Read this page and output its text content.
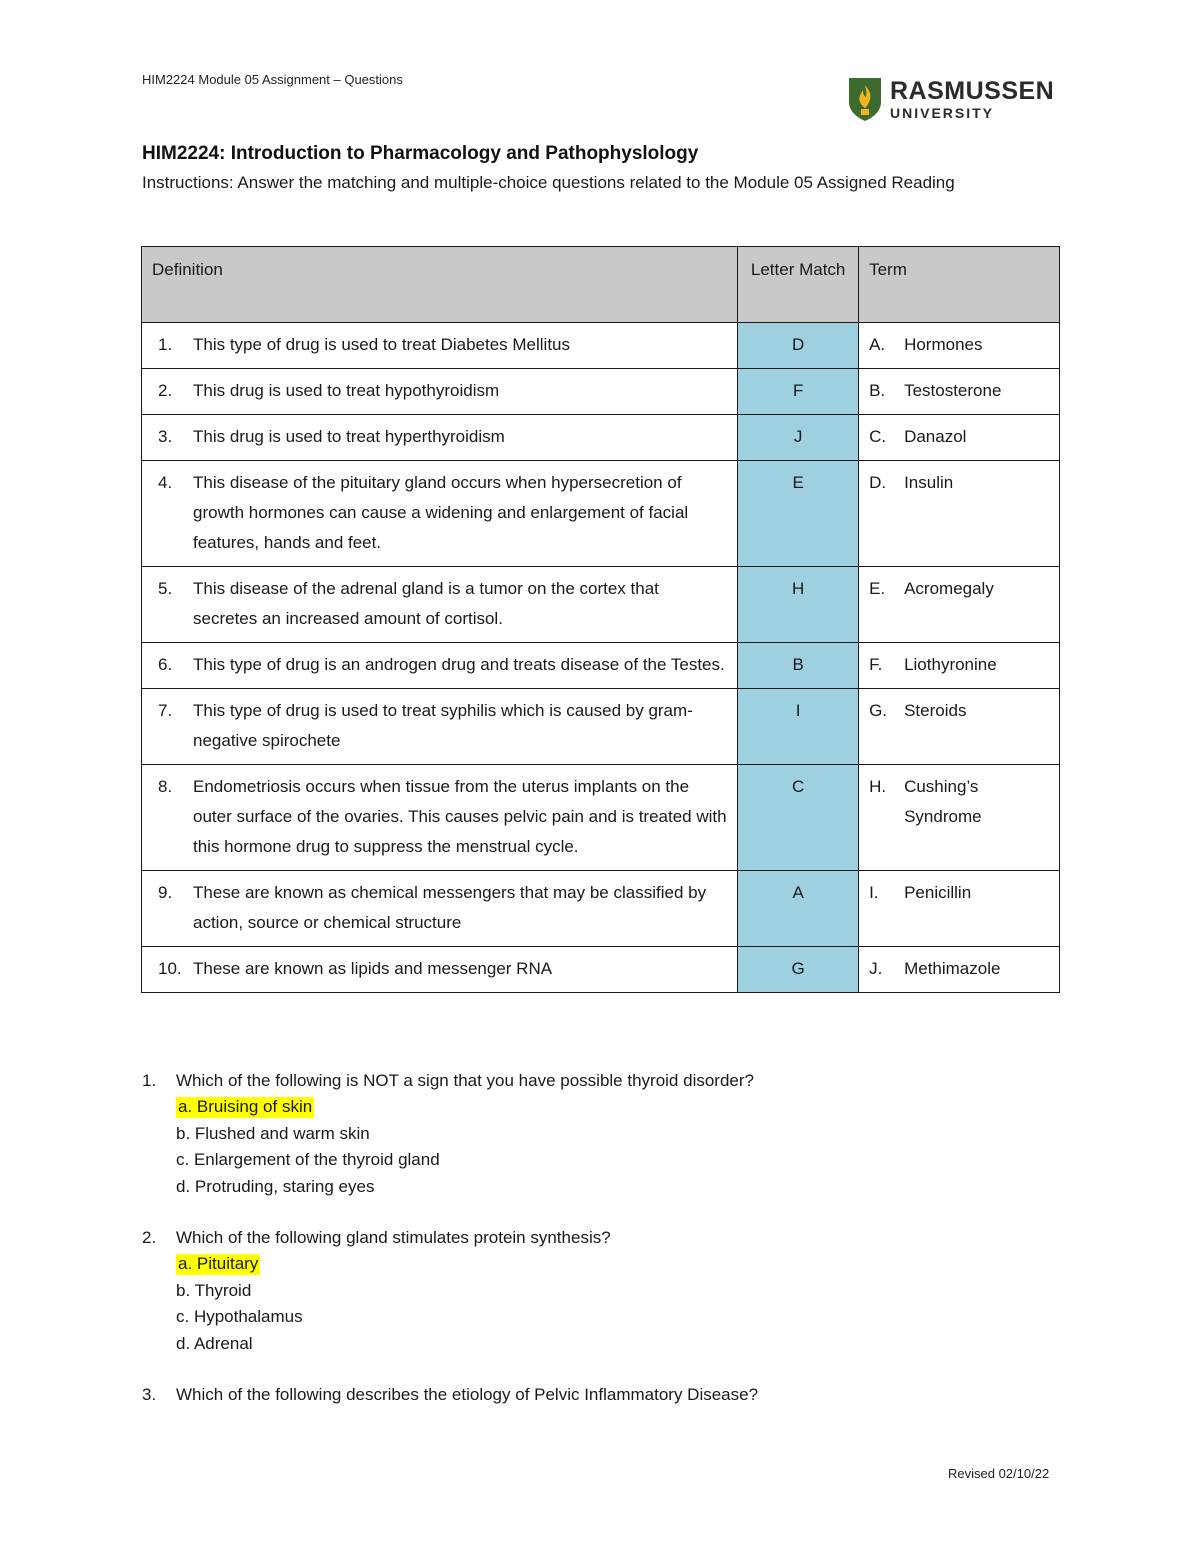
HIM2224 Module 05 Assignment – Questions	RASMUSSEN
UNIVERSITY
HIM2224: Introduction to Pharmacology and Pathophyslology
Instructions: Answer the matching and multiple-choice questions related to the Module 05 Assigned Reading
Definition	Letter Match	Term

1. This type of drug is used to treat Diabetes Mellitus	D	A. Hormones

2. This drug is used to treat hypothyroidism	F	B. Testosterone

3. This drug is used to treat hyperthyroidism	J	C. Danazol

4. This disease of the pituitary gland occurs when hypersecretion of growth hormones can cause a widening and enlargement of facial features, hands and feet.	E	D. Insulin

5. This disease of the adrenal gland is a tumor on the cortex that secretes an increased amount of cortisol.	H	E. Acromegaly

6. This type of drug is an androgen drug and treats disease of the Testes.	B	F. Liothyronine

7. This type of drug is used to treat syphilis which is caused by gram-negative spirochete	I	G. Steroids

8. Endometriosis occurs when tissue from the uterus implants on the outer surface of the ovaries. This causes pelvic pain and is treated with this hormone drug to suppress the menstrual cycle.	C	H. Cushing’s Syndrome

9. These are known as chemical messengers that may be classified by action, source or chemical structure	A	I. Penicillin

10. These are known as lipids and messenger RNA	G	J. Methimazole
1.	Which of the following is NOT a sign that you have possible thyroid disorder?
a. Bruising of skin
b. Flushed and warm skin
c. Enlargement of the thyroid gland
d. Protruding, staring eyes
2.	Which of the following gland stimulates protein synthesis?
a. Pituitary
b. Thyroid
c. Hypothalamus
d. Adrenal
3.	Which of the following describes the etiology of Pelvic Inflammatory Disease?
Revised 02/10/22
